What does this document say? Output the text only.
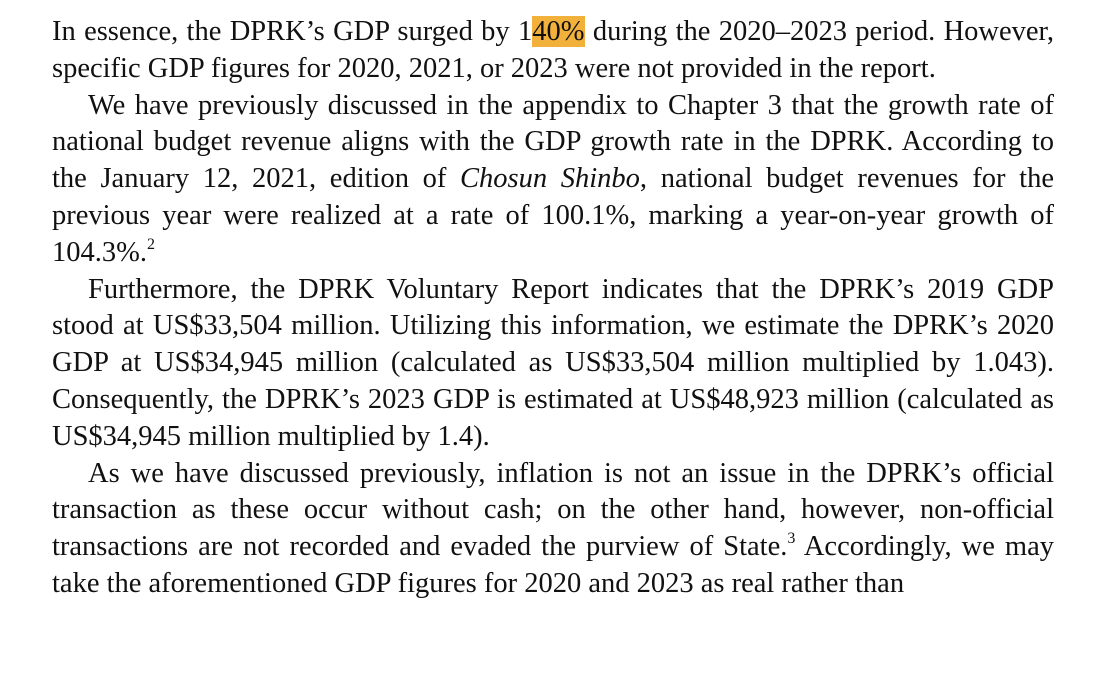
In essence, the DPRK’s GDP surged by 140% during the 2020–2023 period. However, specific GDP figures for 2020, 2021, or 2023 were not provided in the report.

We have previously discussed in the appendix to Chapter 3 that the growth rate of national budget revenue aligns with the GDP growth rate in the DPRK. According to the January 12, 2021, edition of Chosun Shinbo, national budget revenues for the previous year were realized at a rate of 100.1%, marking a year-on-year growth of 104.3%.$^2$

Furthermore, the DPRK Voluntary Report indicates that the DPRK’s 2019 GDP stood at US$33,504 million. Utilizing this information, we estimate the DPRK’s 2020 GDP at US$34,945 million (calculated as US$33,504 million multiplied by 1.043). Consequently, the DPRK’s 2023 GDP is estimated at US$48,923 million (calculated as US$34,945 million multiplied by 1.4).

As we have discussed previously, inflation is not an issue in the DPRK’s official transaction as these occur without cash; on the other hand, however, non-official transactions are not recorded and evaded the purview of State.$^3$ Accordingly, we may take the aforementioned GDP figures for 2020 and 2023 as real rather than
